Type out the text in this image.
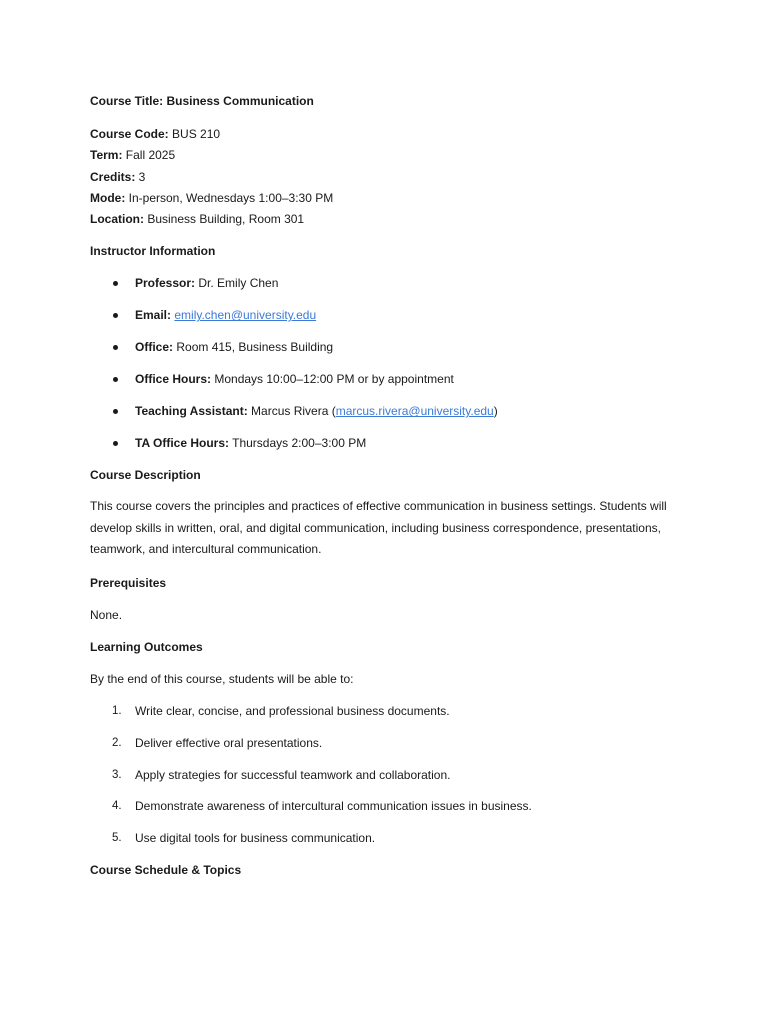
Course Title: Business Communication

Course Code: BUS 210

Term: Fall 2025

Credits: 3

Mode: In-person, Wednesdays 1:00–3:30 PM

Location: Business Building, Room 301

Instructor Information

Professor: Dr. Emily Chen
Email: emily.chen@university.edu
Office: Room 415, Business Building
Office Hours: Mondays 10:00–12:00 PM or by appointment
Teaching Assistant: Marcus Rivera (marcus.rivera@university.edu)
TA Office Hours: Thursdays 2:00–3:00 PM

Course Description

This course covers the principles and practices of effective communication in business settings. Students will develop skills in written, oral, and digital communication, including business correspondence, presentations, teamwork, and intercultural communication.

Prerequisites

None.

Learning Outcomes

By the end of this course, students will be able to:

1. Write clear, concise, and professional business documents.
2. Deliver effective oral presentations.
3. Apply strategies for successful teamwork and collaboration.
4. Demonstrate awareness of intercultural communication issues in business.
5. Use digital tools for business communication.

Course Schedule & Topics
